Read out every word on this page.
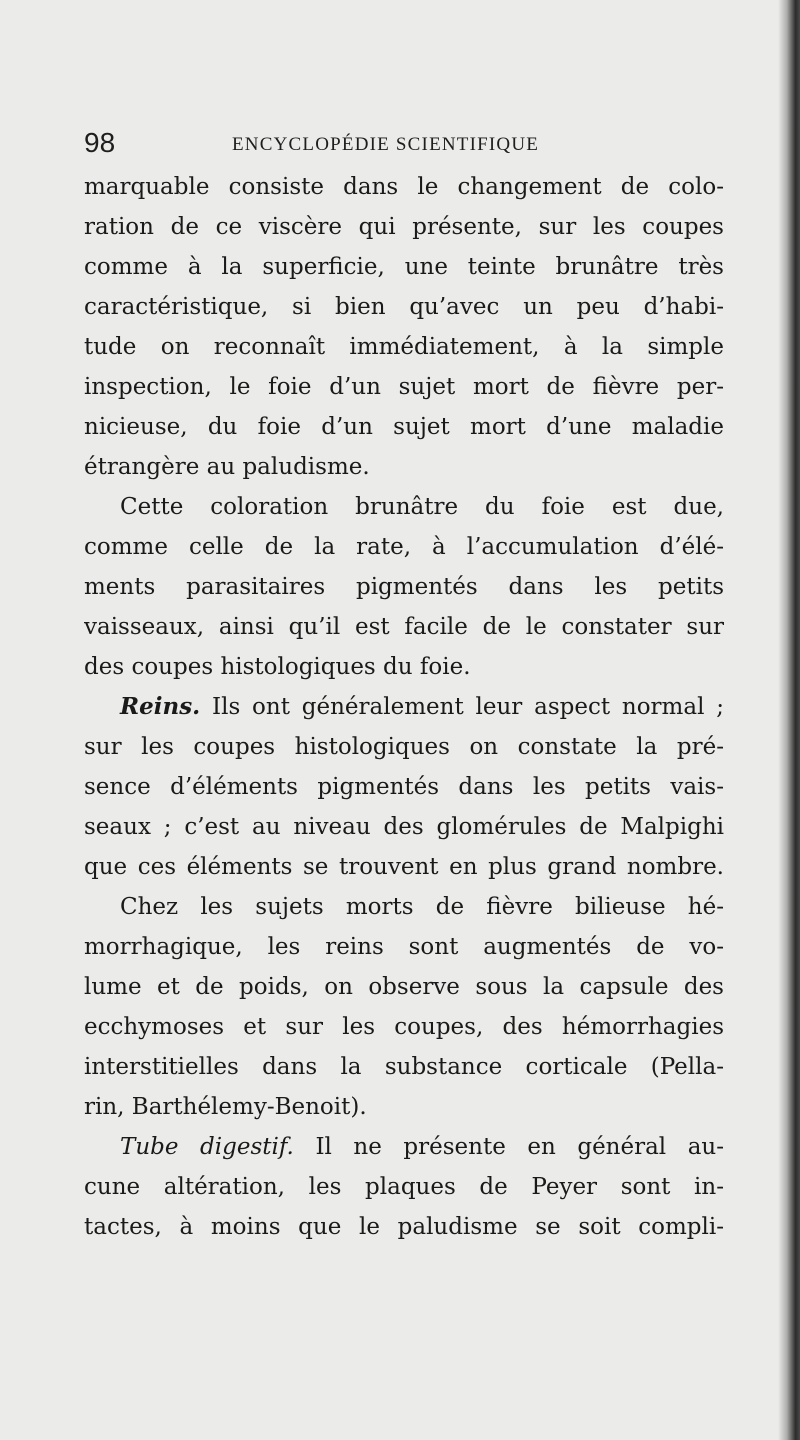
98	ENCYCLOPÉDIE SCIENTIFIQUE
marquable consiste dans le changement de colo-
ration de ce viscère qui présente, sur les coupes
comme à la superficie, une teinte brunâtre très
caractéristique, si bien qu’avec un peu d’habi-
tude on reconnaît immédiatement, à la simple
inspection, le foie d’un sujet mort de fièvre per-
nicieuse, du foie d’un sujet mort d’une maladie
étrangère au paludisme.
Cette coloration brunâtre du foie est due,
comme celle de la rate, à l’accumulation d’élé-
ments parasitaires pigmentés dans les petits
vaisseaux, ainsi qu’il est facile de le constater sur
des coupes histologiques du foie.
Reins. Ils ont généralement leur aspect normal ;
sur les coupes histologiques on constate la pré-
sence d’éléments pigmentés dans les petits vais-
seaux ; c’est au niveau des glomérules de Malpighi
que ces éléments se trouvent en plus grand nombre.
Chez les sujets morts de fièvre bilieuse hé-
morrhagique, les reins sont augmentés de vo-
lume et de poids, on observe sous la capsule des
ecchymoses et sur les coupes, des hémorrhagies
interstitielles dans la substance corticale (Pella-
rin, Barthélemy-Benoit).
Tube digestif. Il ne présente en général au-
cune altération, les plaques de Peyer sont in-
tactes, à moins que le paludisme se soit compli-
